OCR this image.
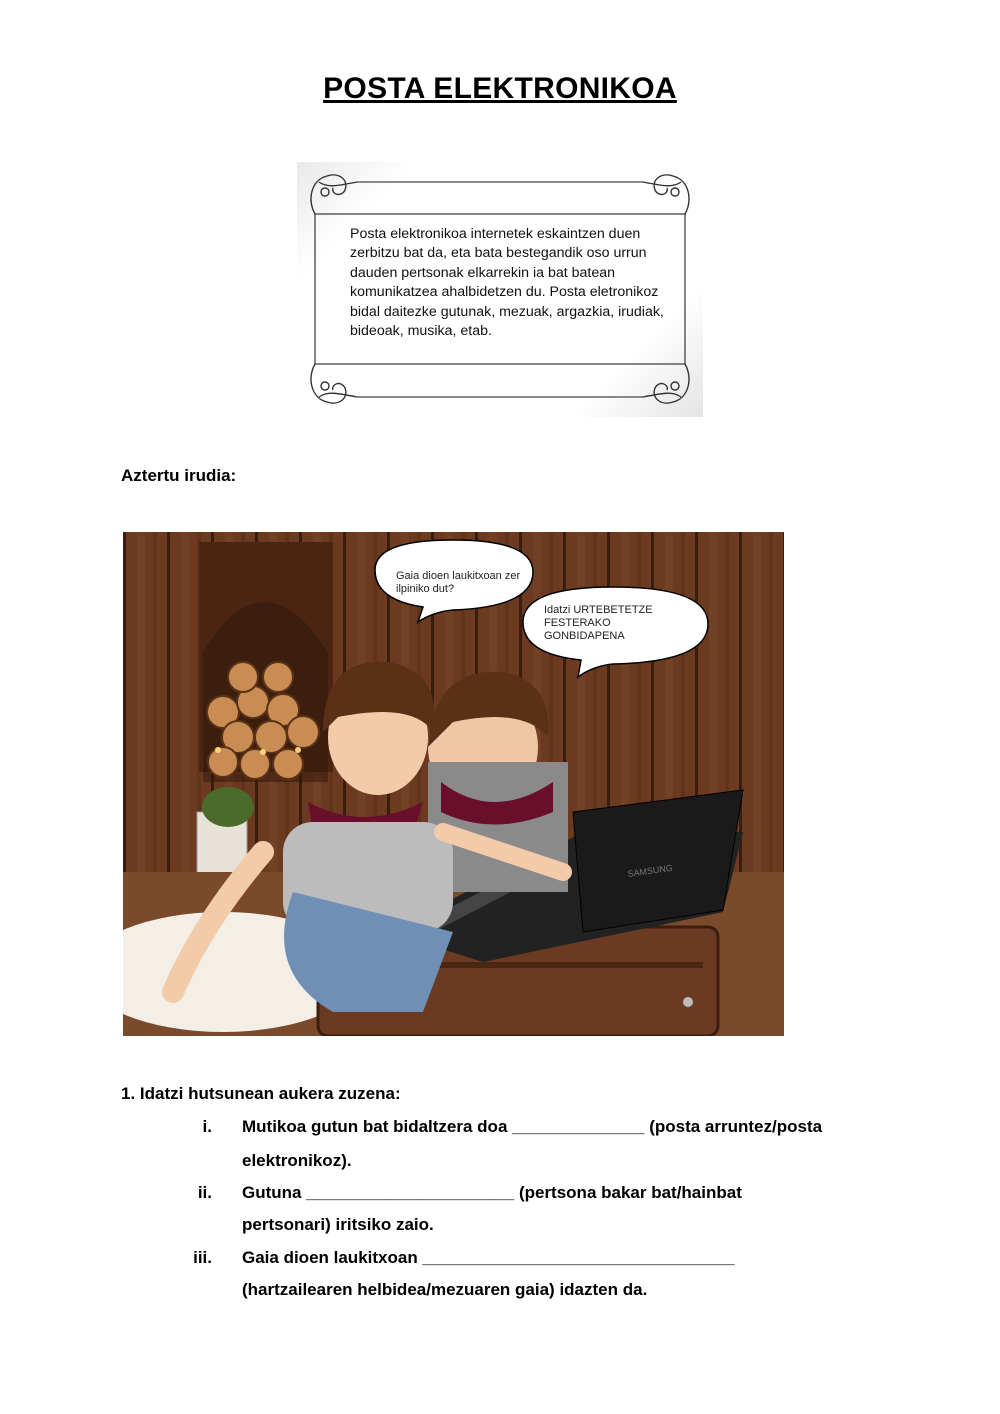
POSTA ELEKTRONIKOA
Posta elektronikoa internetek eskaintzen duen zerbitzu bat da, eta bata bestegandik oso urrun dauden pertsonak elkarrekin ia bat batean komunikatzea ahalbidetzen du. Posta eletronikoz bidal daitezke gutunak, mezuak, argazkia, irudiak, bideoak, musika, etab.
Aztertu irudia:
SAMSUNG
Gaia dioen laukitxoan zer ilpiniko dut?
Idatzi URTEBETETZE FESTERAKO GONBIDAPENA
1. Idatzi hutsunean aukera zuzena:
i. Mutikoa gutun bat bidaltzera doa ______________ (posta arruntez/posta
elektronikoz).
ii. Gutuna ______________________ (pertsona bakar bat/hainbat
pertsonari) iritsiko zaio.
iii. Gaia dioen laukitxoan _________________________________
(hartzailearen helbidea/mezuaren gaia) idazten da.
